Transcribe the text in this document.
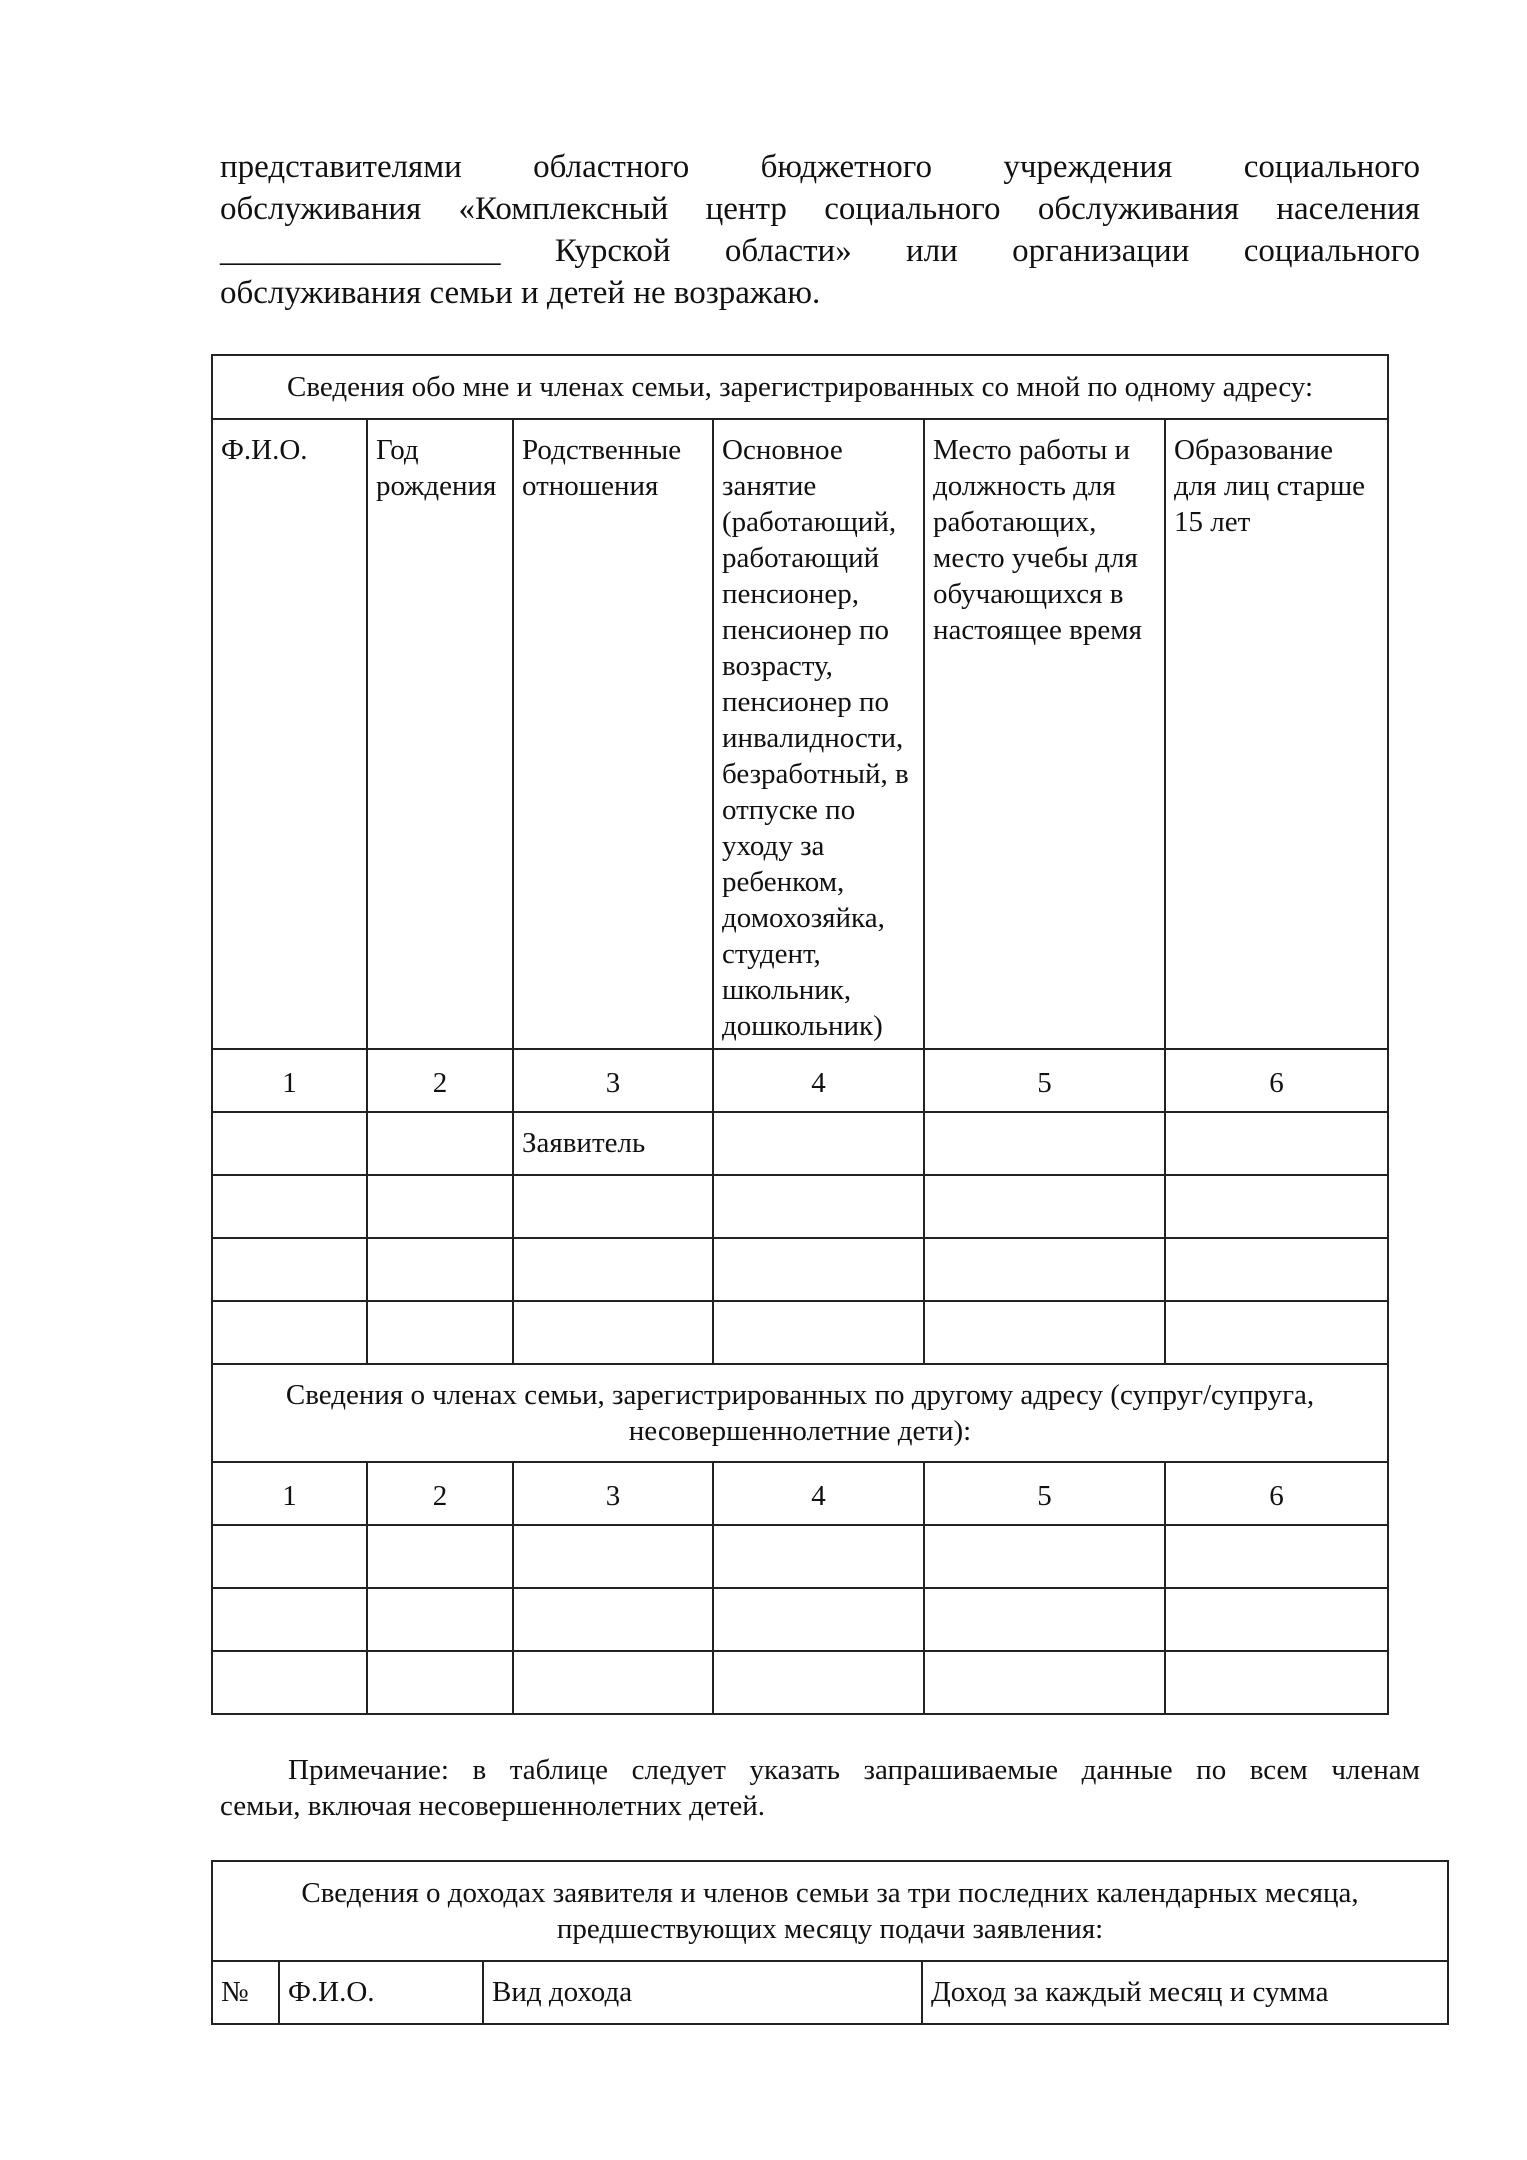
представителями областного бюджетного учреждения социального

обслуживания «Комплексный центр социального обслуживания населения

_________________ Курской области» или организации социального

обслуживания семьи и детей не возражаю.

Сведения обо мне и членах семьи, зарегистрированных со мной по одному адресу:					
Ф.И.О.	Год рождения	Родственные отношения	Основное занятие (работающий, работающий пенсионер, пенсионер по возрасту, пенсионер по инвалидности, безработный, в отпуске по уходу за ребенком, домохозяйка, студент, школьник, дошкольник)	Место работы и должность для работающих, место учебы для обучающихся в настоящее время	Образование для лиц старше 15 лет
1	2	3	4	5	6
		Заявитель			

Сведения о членах семьи, зарегистрированных по другому адресу (супруг/супруга, несовершеннолетние дети):					
1	2	3	4	5	6

Примечание: в таблице следует указать запрашиваемые данные по всем членам

семьи, включая несовершеннолетних детей.

Сведения о доходах заявителя и членов семьи за три последних календарных месяца, предшествующих месяцу подачи заявления:
№	Ф.И.О.	Вид дохода	Доход за каждый месяц и сумма
